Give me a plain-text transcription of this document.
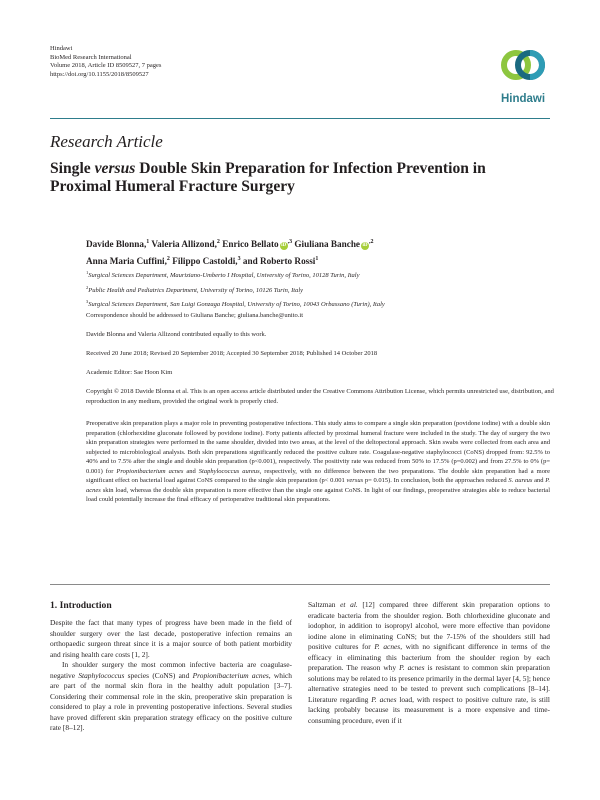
Hindawi
BioMed Research International
Volume 2018, Article ID 8509527, 7 pages
https://doi.org/10.1155/2018/8509527
Hindawi
Research Article
Single versus Double Skin Preparation for Infection Prevention in Proximal Humeral Fracture Surgery
Davide Blonna,$^1$ Valeria Allizond,$^2$ Enrico Bellato $iD^{,3}$ Giuliana Banche $iD^{,2}$
Anna Maria Cuffini,$^2$ Filippo Castoldi,$^3$ and Roberto Rossi$^1$
$^1$Surgical Sciences Department, Mauriziano-Umberto I Hospital, University of Torino, 10128 Turin, Italy
$^2$Public Health and Pediatrics Department, University of Torino, 10126 Turin, Italy
$^3$Surgical Sciences Department, San Luigi Gonzaga Hospital, University of Torino, 10043 Orbassano (Turin), Italy
Correspondence should be addressed to Giuliana Banche; giuliana.banche@unito.it
Davide Blonna and Valeria Allizond contributed equally to this work.
Received 20 June 2018; Revised 20 September 2018; Accepted 30 September 2018; Published 14 October 2018
Academic Editor: Sae Hoon Kim
Copyright © 2018 Davide Blonna et al. This is an open access article distributed under the Creative Commons Attribution License, which permits unrestricted use, distribution, and reproduction in any medium, provided the original work is properly cited.
Preoperative skin preparation plays a major role in preventing postoperative infections. This study aims to compare a single skin preparation (povidone iodine) with a double skin preparation (chlorhexidine gluconate followed by povidone iodine). Forty patients affected by proximal humeral fracture were included in the study. The day of surgery the two skin preparation strategies were performed in the same shoulder, divided into two areas, at the level of the deltopectoral approach. Skin swabs were collected from each area and subjected to microbiological analysis. Both skin preparations significantly reduced the positive culture rate. Coagulase-negative staphylococci (CoNS) dropped from: 92.5% to 40% and to 7.5% after the single and double skin preparation (p<0.001), respectively. The positivity rate was reduced from 50% to 17.5% (p=0.002) and from 27.5% to 0% (p= 0.001) for Propionibacterium acnes and Staphylococcus aureus, respectively, with no difference between the two preparations. The double skin preparation had a more significant effect on bacterial load against CoNS compared to the single skin preparation (p< 0.001 versus p= 0.015). In conclusion, both the approaches reduced S. aureus and P. acnes skin load, whereas the double skin preparation is more effective than the single one against CoNS. In light of our findings, preoperative strategies able to reduce bacterial load could potentially increase the final efficacy of perioperative traditional skin preparations.
1. Introduction

Despite the fact that many types of progress have been made in the field of shoulder surgery over the last decade, postoperative infection remains an orthopaedic surgeon threat since it is a major source of both patient morbidity and rising health care costs [1, 2].

In shoulder surgery the most common infective bacteria are coagulase-negative Staphylococcus species (CoNS) and Propionibacterium acnes, which are part of the normal skin flora in the healthy adult population [3–7]. Considering their commensal role in the skin, preoperative skin preparation is considered to play a role in preventing postoperative infections. Several studies have proved different skin preparation strategy efficacy on the positive culture rate [8–12].

Saltzman et al. [12] compared three different skin preparation options to eradicate bacteria from the shoulder region. Both chlorhexidine gluconate and iodophor, in addition to isopropyl alcohol, were more effective than povidone iodine alone in eliminating CoNS; but the 7-15% of the shoulders still had positive cultures for P. acnes, with no significant difference in terms of the efficacy in eliminating this bacterium from the shoulder region by each preparation. The reason why P. acnes is resistant to common skin preparation solutions may be related to its presence primarily in the dermal layer [4, 5]; hence alternative strategies need to be tested to prevent such complications [8–14]. Literature regarding P. acnes load, with respect to positive culture rate, is still lacking probably because its measurement is a more expensive and time-consuming procedure, even if it
